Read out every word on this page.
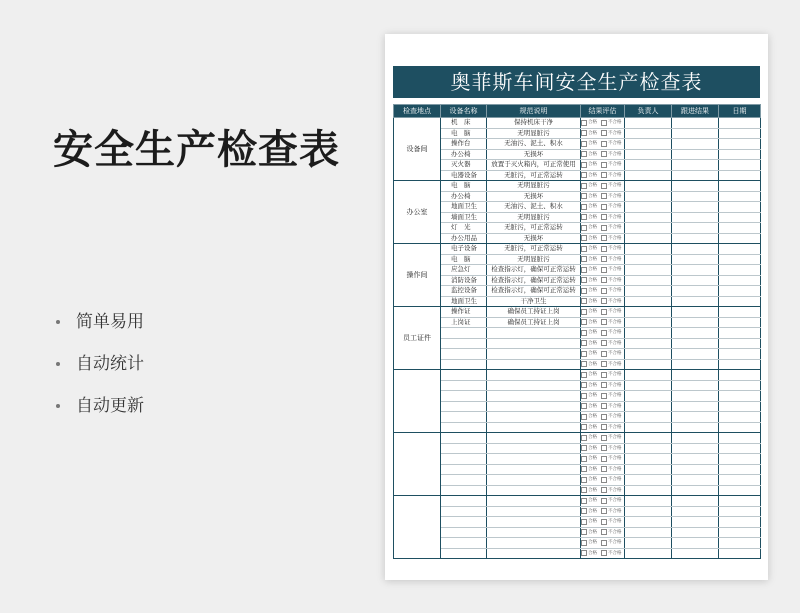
安全生产检查表
简单易用
自动统计
自动更新
奥菲斯车间安全生产检查表
检查地点	设备名称	规范说明	结果评估	负责人	跟进结果	日期
设备间	机　床	保持机床干净	合格 不合格			
	电　脑	无明显脏污	合格 不合格			
	操作台	无油污、泥土、积水	合格 不合格			
	办公椅	无损坏	合格 不合格			
	灭火器	放置于灭火箱内，可正常使用	合格 不合格			
	电器设备	无脏污，可正常运转	合格 不合格			
办公室	电　脑	无明显脏污	合格 不合格			
	办公椅	无损坏	合格 不合格			
	地面卫生	无油污、泥土、积水	合格 不合格			
	墙面卫生	无明显脏污	合格 不合格			
	灯　光	无脏污，可正常运转	合格 不合格			
	办公用品	无损坏	合格 不合格			
操作间	电子设备	无脏污，可正常运转	合格 不合格			
	电　脑	无明显脏污	合格 不合格			
	应急灯	检查指示灯，确保可正常运转	合格 不合格			
	消防设备	检查指示灯，确保可正常运转	合格 不合格			
	监控设备	检查指示灯，确保可正常运转	合格 不合格			
	地面卫生	干净卫生	合格 不合格			
员工证件	操作证	确保员工持证上岗	合格 不合格			
	上岗证	确保员工持证上岗	合格 不合格			
			合格 不合格			
			合格 不合格			
			合格 不合格			
			合格 不合格			
			合格 不合格			
			合格 不合格			
			合格 不合格			
			合格 不合格			
			合格 不合格			
			合格 不合格			
			合格 不合格			
			合格 不合格			
			合格 不合格			
			合格 不合格			
			合格 不合格			
			合格 不合格			
			合格 不合格			
			合格 不合格			
			合格 不合格			
			合格 不合格			
			合格 不合格			
			合格 不合格			
